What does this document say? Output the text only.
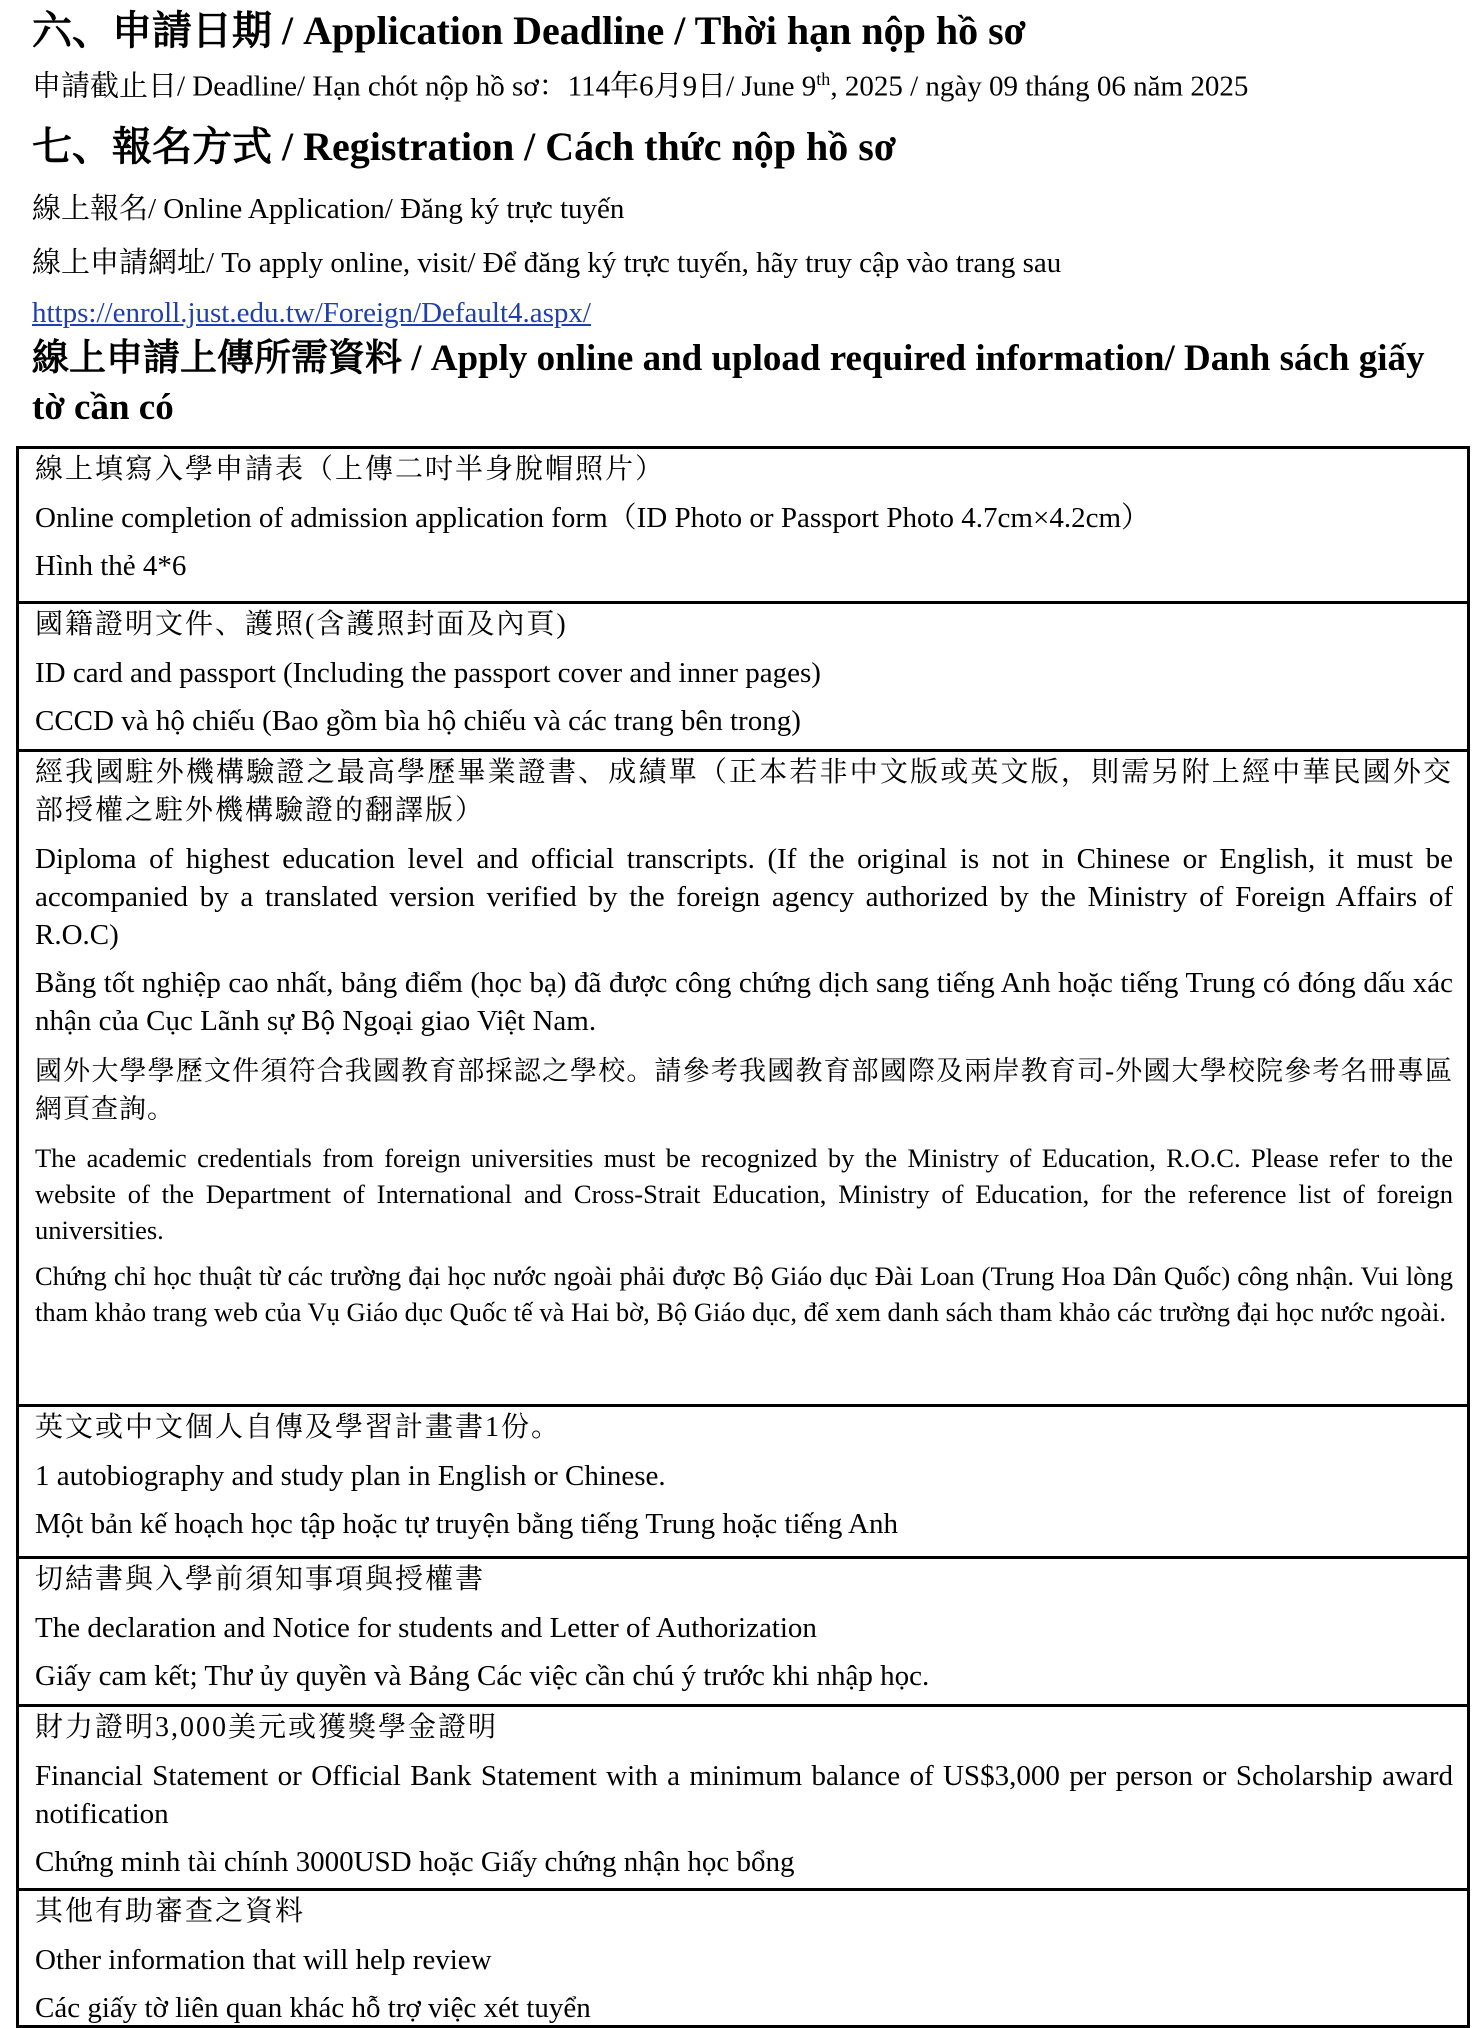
六、申請日期 / Application Deadline / Thời hạn nộp hồ sơ
申請截止日/ Deadline/ Hạn chót nộp hồ sơ：114年6月9日/ June 9th, 2025 / ngày 09 tháng 06 năm 2025
七、報名方式 / Registration / Cách thức nộp hồ sơ
線上報名/ Online Application/ Đăng ký trực tuyến
線上申請網址/ To apply online, visit/ Để đăng ký trực tuyến, hãy truy cập vào trang sau
https://enroll.just.edu.tw/Foreign/Default4.aspx/
線上申請上傳所需資料 / Apply online and upload required information/ Danh sách giấy tờ cần có

線上填寫入學申請表（上傳二吋半身脫帽照片）

Online completion of admission application form（ID Photo or Passport Photo 4.7cm×4.2cm）

Hình thẻ 4*6

國籍證明文件、護照(含護照封面及內頁)

ID card and passport (Including the passport cover and inner pages)

CCCD và hộ chiếu (Bao gồm bìa hộ chiếu và các trang bên trong)

經我國駐外機構驗證之最高學歷畢業證書、成績單（正本若非中文版或英文版，則需另附上經中華民國外交部授權之駐外機構驗證的翻譯版）

Diploma of highest education level and official transcripts. (If the original is not in Chinese or English, it must be accompanied by a translated version verified by the foreign agency authorized by the Ministry of Foreign Affairs of R.O.C)

Bằng tốt nghiệp cao nhất, bảng điểm (học bạ) đã được công chứng dịch sang tiếng Anh hoặc tiếng Trung có đóng dấu xác nhận của Cục Lãnh sự Bộ Ngoại giao Việt Nam.

國外大學學歷文件須符合我國教育部採認之學校。請參考我國教育部國際及兩岸教育司-外國大學校院參考名冊專區網頁查詢。

The academic credentials from foreign universities must be recognized by the Ministry of Education, R.O.C. Please refer to the website of the Department of International and Cross-Strait Education, Ministry of Education, for the reference list of foreign universities.

Chứng chỉ học thuật từ các trường đại học nước ngoài phải được Bộ Giáo dục Đài Loan (Trung Hoa Dân Quốc) công nhận. Vui lòng tham khảo trang web của Vụ Giáo dục Quốc tế và Hai bờ, Bộ Giáo dục, để xem danh sách tham khảo các trường đại học nước ngoài.

英文或中文個人自傳及學習計畫書1份。

1 autobiography and study plan in English or Chinese.

Một bản kế hoạch học tập hoặc tự truyện bằng tiếng Trung hoặc tiếng Anh

切結書與入學前須知事項與授權書

The declaration and Notice for students and Letter of Authorization

Giấy cam kết; Thư ủy quyền và Bảng Các việc cần chú ý trước khi nhập học.

財力證明3,000美元或獲獎學金證明

Financial Statement or Official Bank Statement with a minimum balance of US$3,000 per person or Scholarship award notification

Chứng minh tài chính 3000USD hoặc Giấy chứng nhận học bổng

其他有助審查之資料

Other information that will help review

Các giấy tờ liên quan khác hỗ trợ việc xét tuyển
